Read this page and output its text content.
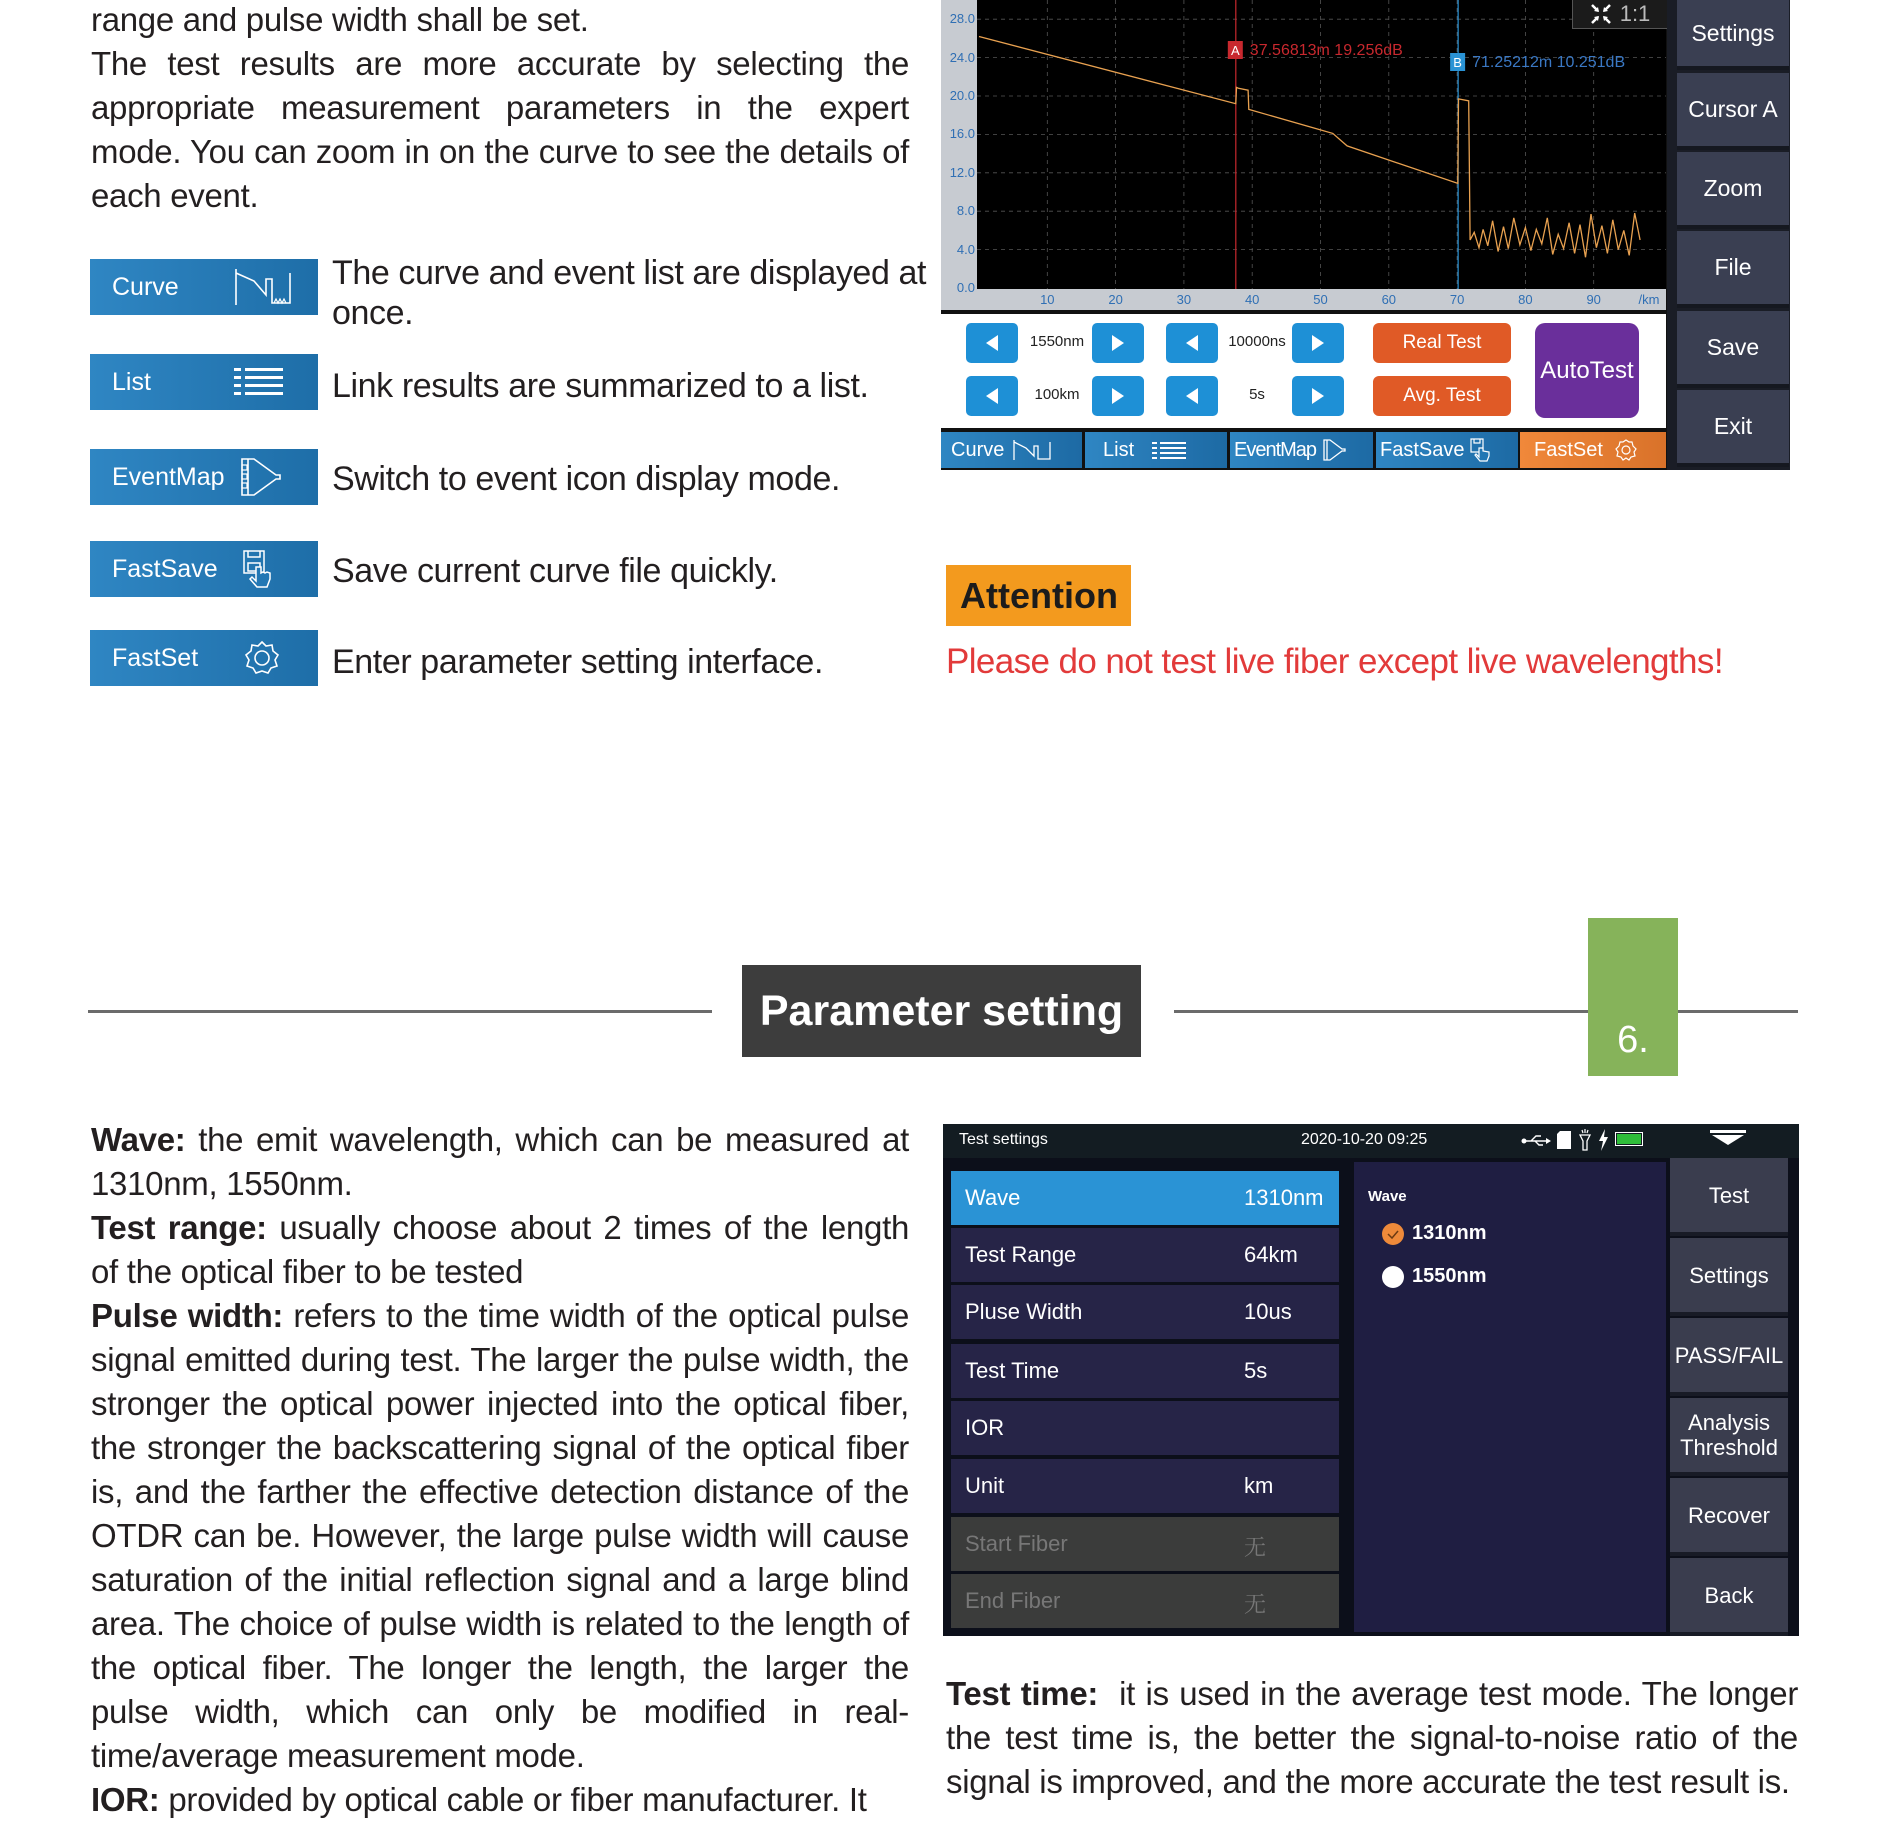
range and pulse width shall be set.

The test results are more accurate by selecting the appropriate measurement parameters in the expert mode. You can zoom in on the curve to see the details of each event.

Curve	The curve and event list are displayed at once.
List	Link results are summarized to a list.
EventMap	Switch to event icon display mode.
FastSave	Save current curve file quickly.
FastSet	Enter parameter setting interface.
A 37.56813m 19.256dB
B 71.25212m 10.251dB
0.0
4.0
8.0
12.0
16.0
20.0
24.0
28.0
10	20	30	40	50	60	70	80	90	/km
1:1
1550nm	10000ns
100km	5s
Real Test
Avg. Test
AutoTest
Curve	List	EventMap	FastSave	FastSet
Settings
Cursor A
Zoom
File
Save
Exit
Attention
Please do not test live fiber except live wavelengths!
Parameter setting
6.

Wave: the emit wavelength, which can be measured at 1310nm, 1550nm.

Test range: usually choose about 2 times of the length of the optical fiber to be tested

Pulse width: refers to the time width of the optical pulse signal emitted during test. The larger the pulse width, the stronger the optical power injected into the optical fiber, the stronger the backscattering signal of the optical fiber is, and the farther the effective detection distance of the OTDR can be. However, the large pulse width will cause saturation of the initial reflection signal and a large blind area. The choice of pulse width is related to the length of the optical fiber. The longer the length, the larger the pulse width, which can only be modified in real-time/average measurement mode.

IOR: provided by optical cable or fiber manufacturer. It

Test settings	2020-10-20 09:25
Wave	1310nm
Test Range	64km
Pluse Width	10us
Test Time	5s
IOR
Unit	km
Start Fiber	无
End Fiber	无
Wave
1310nm
1550nm
Test
Settings
PASS/FAIL
Analysis Threshold
Recover
Back

Test time:  it is used in the average test mode. The longer the test time is, the better the signal-to-noise ratio of the signal is improved, and the more accurate the test result is.
